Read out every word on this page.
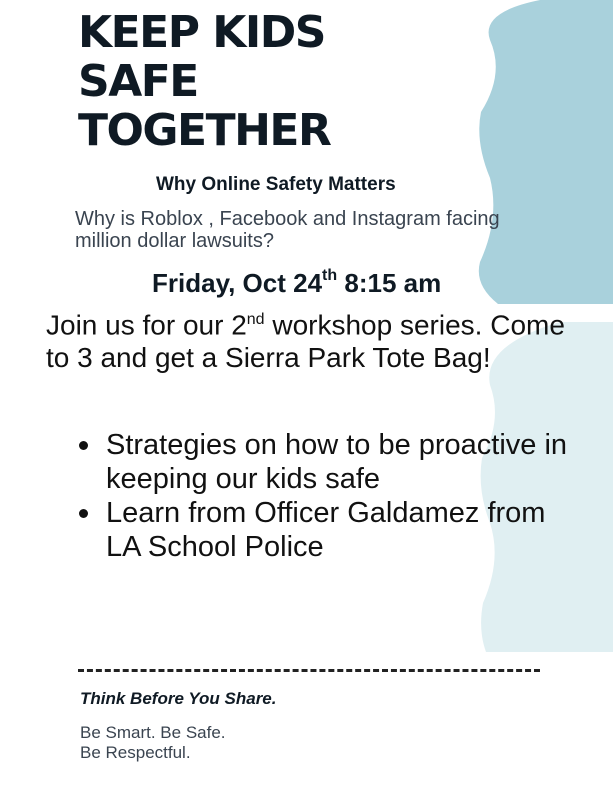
KEEP KIDS
SAFE
TOGETHER
Why Online Safety Matters

Why is Roblox , Facebook and Instagram facing million dollar lawsuits?

Friday, Oct 24th 8:15 am

Join us for our 2nd workshop series. Come to 3 and get a Sierra Park Tote Bag!

Strategies on how to be proactive in keeping our kids safe
Learn from Officer Galdamez from LA School Police

Think Before You Share.

Be Smart. Be Safe.
Be Respectful.
